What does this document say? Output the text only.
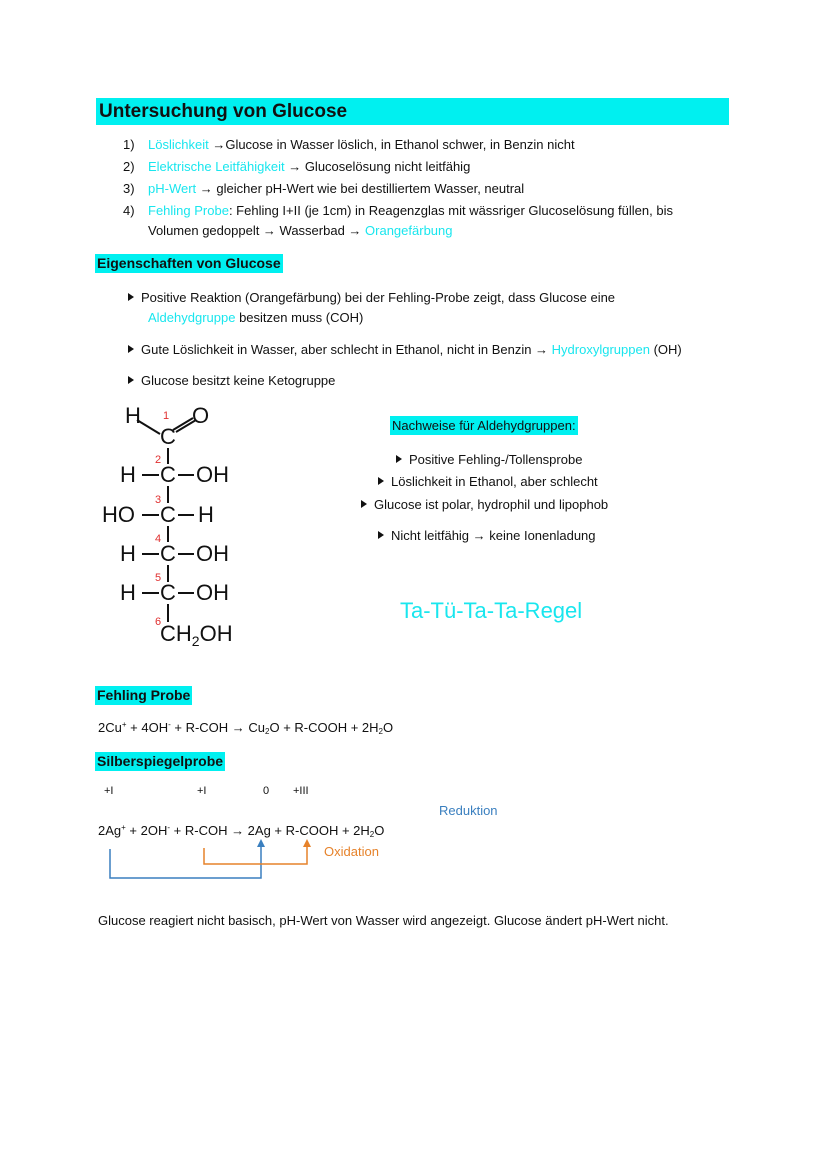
Untersuchung von Glucose
1)	Löslichkeit →Glucose in Wasser löslich, in Ethanol schwer, in Benzin nicht
2)	Elektrische Leitfähigkeit → Glucoselösung nicht leitfähig
3)	pH-Wert → gleicher pH-Wert wie bei destilliertem Wasser, neutral
4)	Fehling Probe: Fehling I+II (je 1cm) in Reagenzglas mit wässriger Glucoselösung füllen, bis
Volumen gedoppelt → Wasserbad → Orangefärbung
Eigenschaften von Glucose
Positive Reaktion (Orangefärbung) bei der Fehling-Probe zeigt, dass Glucose eine
Aldehydgruppe besitzen muss (COH)
Gute Löslichkeit in Wasser, aber schlecht in Ethanol, nicht in Benzin → Hydroxylgruppen (OH)
Glucose besitzt keine Ketogruppe
H O
C
1
H C OH
2
HO C H
3
H C OH
4
H C OH
5
$CH_2OH$
6
Nachweise für Aldehydgruppen:
Positive Fehling-/Tollensprobe
Löslichkeit in Ethanol, aber schlecht
Glucose ist polar, hydrophil und lipophob
Nicht leitfähig → keine Ionenladung
Ta-Tü-Ta-Ta-Regel
Fehling Probe
$2Cu^+ + 4OH^- + R-COH \to Cu_2O$ + R-COOH + $2H_2O$
Silberspiegelprobe
+I	+I	0 +III
Reduktion
2Ag+ + 2OH- + R-COH → 2Ag + R-COOH + $2H_2O$
Oxidation
Glucose reagiert nicht basisch, pH-Wert von Wasser wird angezeigt. Glucose ändert pH-Wert nicht.
